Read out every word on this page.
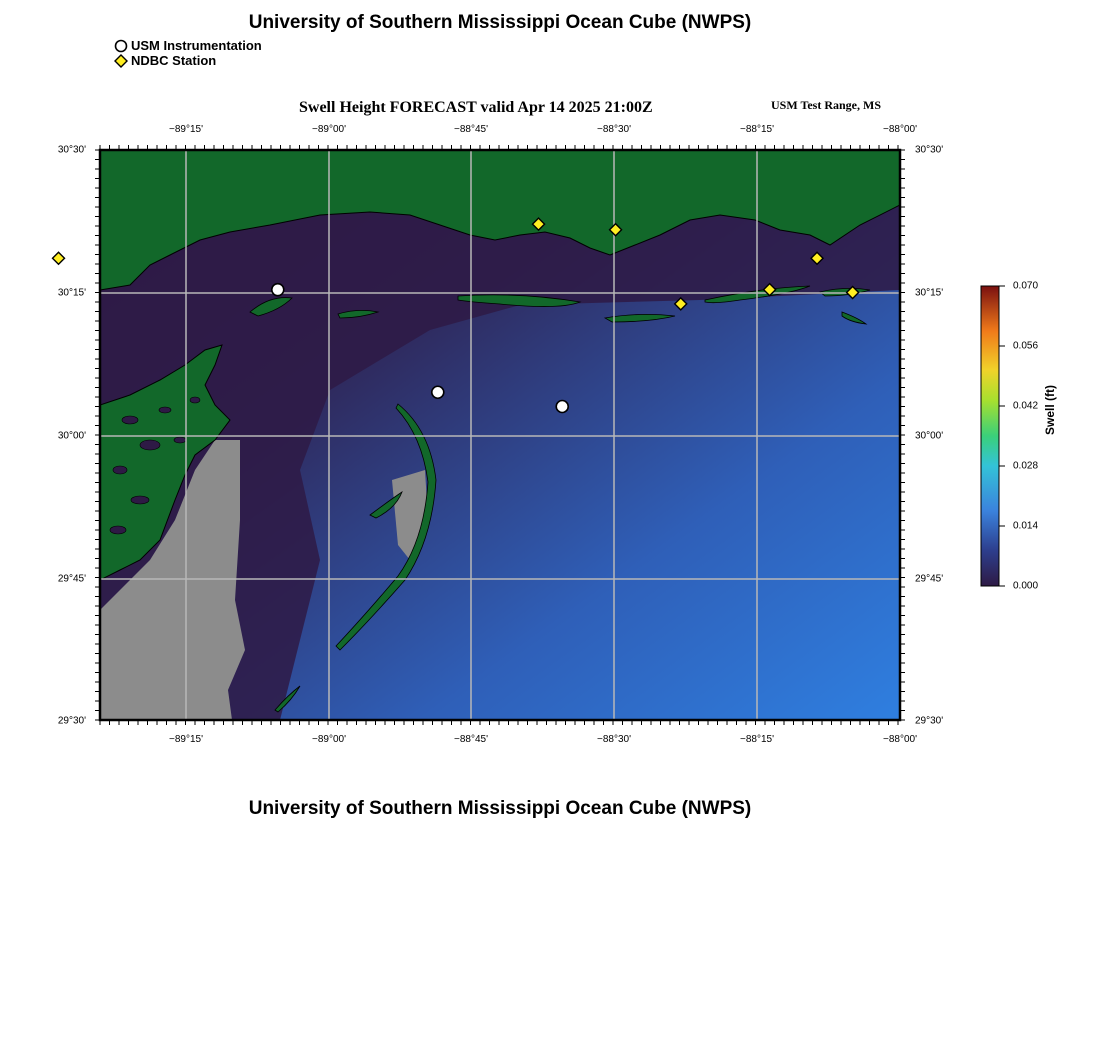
University of Southern Mississippi Ocean Cube (NWPS)
USM Instrumentation
NDBC Station
Swell Height FORECAST valid Apr 14 2025 21:00Z	USM Test Range, MS
−89°15'
−89°15'
−89°00'
−89°00'
−88°45'
−88°45'
−88°30'
−88°30'
−88°15'
−88°15'
−88°00'
−88°00'
30°30'	30°30'
30°15'	30°15'
30°00'	30°00'
29°45'	29°45'
29°30'	29°30'
0.070
0.056
0.042
0.028
0.014
0.000
Swell (ft)
University of Southern Mississippi Ocean Cube (NWPS)
